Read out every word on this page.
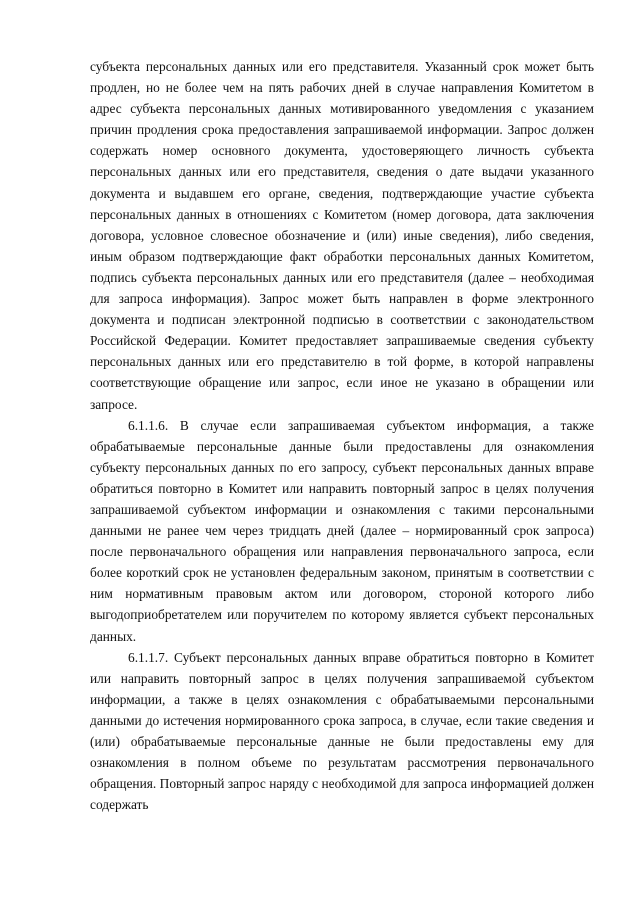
субъекта персональных данных или его представителя. Указанный срок может быть продлен, но не более чем на пять рабочих дней в случае направления Комитетом в адрес субъекта персональных данных мотивированного уведомления с указанием причин продления срока предоставления запрашиваемой информации. Запрос должен содержать номер основного документа, удостоверяющего личность субъекта персональных данных или его представителя, сведения о дате выдачи указанного документа и выдавшем его органе, сведения, подтверждающие участие субъекта персональных данных в отношениях с Комитетом (номер договора, дата заключения договора, условное словесное обозначение и (или) иные сведения), либо сведения, иным образом подтверждающие факт обработки персональных данных Комитетом, подпись субъекта персональных данных или его представителя (далее – необходимая для запроса информация). Запрос может быть направлен в форме электронного документа и подписан электронной подписью в соответствии с законодательством Российской Федерации. Комитет предоставляет запрашиваемые сведения субъекту персональных данных или его представителю в той форме, в которой направлены соответствующие обращение или запрос, если иное не указано в обращении или запросе.

6.1.1.6. В случае если запрашиваемая субъектом информация, а также обрабатываемые персональные данные были предоставлены для ознакомления субъекту персональных данных по его запросу, субъект персональных данных вправе обратиться повторно в Комитет или направить повторный запрос в целях получения запрашиваемой субъектом информации и ознакомления с такими персональными данными не ранее чем через тридцать дней (далее – нормированный срок запроса) после первоначального обращения или направления первоначального запроса, если более короткий срок не установлен федеральным законом, принятым в соответствии с ним нормативным правовым актом или договором, стороной которого либо выгодоприобретателем или поручителем по которому является субъект персональных данных.

6.1.1.7. Субъект персональных данных вправе обратиться повторно в Комитет или направить повторный запрос в целях получения запрашиваемой субъектом информации, а также в целях ознакомления с обрабатываемыми персональными данными до истечения нормированного срока запроса, в случае, если такие сведения и (или) обрабатываемые персональные данные не были предоставлены ему для ознакомления в полном объеме по результатам рассмотрения первоначального обращения. Повторный запрос наряду с необходимой для запроса информацией должен содержать
